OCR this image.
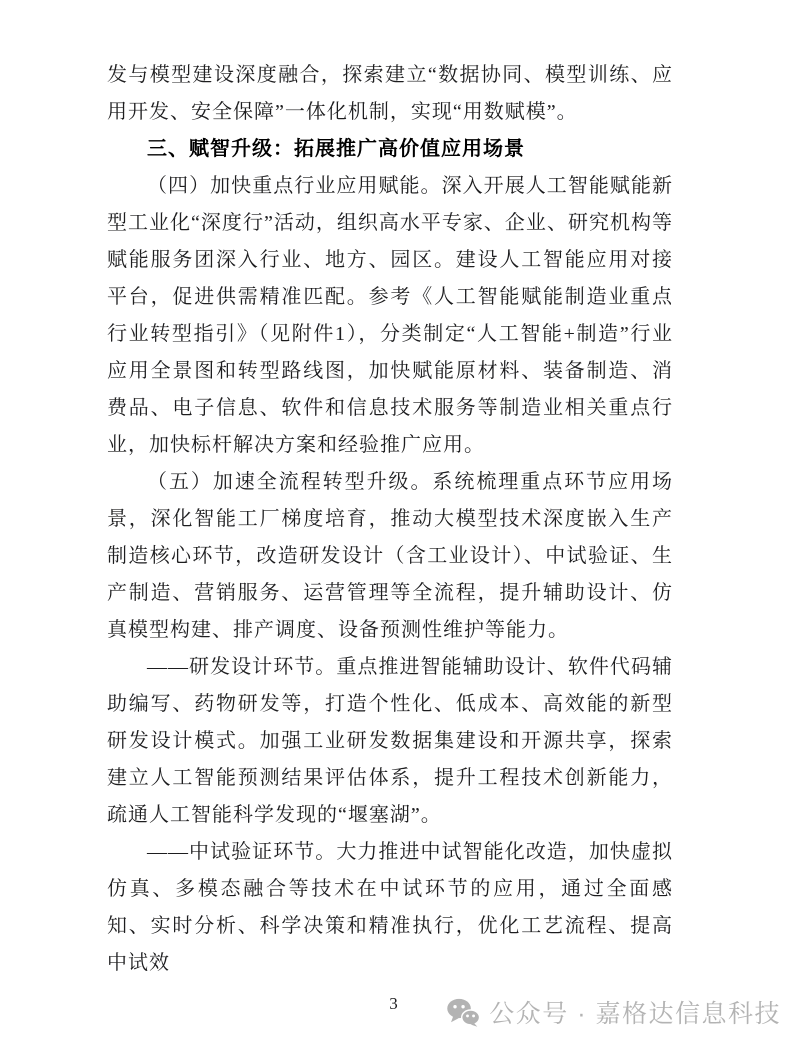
发与模型建设深度融合，探索建立“数据协同、模型训练、应用开发、安全保障”一体化机制，实现“用数赋模”。

三、赋智升级：拓展推广高价值应用场景

（四）加快重点行业应用赋能。深入开展人工智能赋能新型工业化“深度行”活动，组织高水平专家、企业、研究机构等赋能服务团深入行业、地方、园区。建设人工智能应用对接平台，促进供需精准匹配。参考《人工智能赋能制造业重点行业转型指引》（见附件1），分类制定“人工智能+制造”行业应用全景图和转型路线图，加快赋能原材料、装备制造、消费品、电子信息、软件和信息技术服务等制造业相关重点行业，加快标杆解决方案和经验推广应用。

（五）加速全流程转型升级。系统梳理重点环节应用场景，深化智能工厂梯度培育，推动大模型技术深度嵌入生产制造核心环节，改造研发设计（含工业设计）、中试验证、生产制造、营销服务、运营管理等全流程，提升辅助设计、仿真模型构建、排产调度、设备预测性维护等能力。

——研发设计环节。重点推进智能辅助设计、软件代码辅助编写、药物研发等，打造个性化、低成本、高效能的新型研发设计模式。加强工业研发数据集建设和开源共享，探索建立人工智能预测结果评估体系，提升工程技术创新能力，疏通人工智能科学发现的“堰塞湖”。

——中试验证环节。大力推进中试智能化改造，加快虚拟仿真、多模态融合等技术在中试环节的应用，通过全面感知、实时分析、科学决策和精准执行，优化工艺流程、提高中试效

3	公众号 · 嘉格达信息科技
